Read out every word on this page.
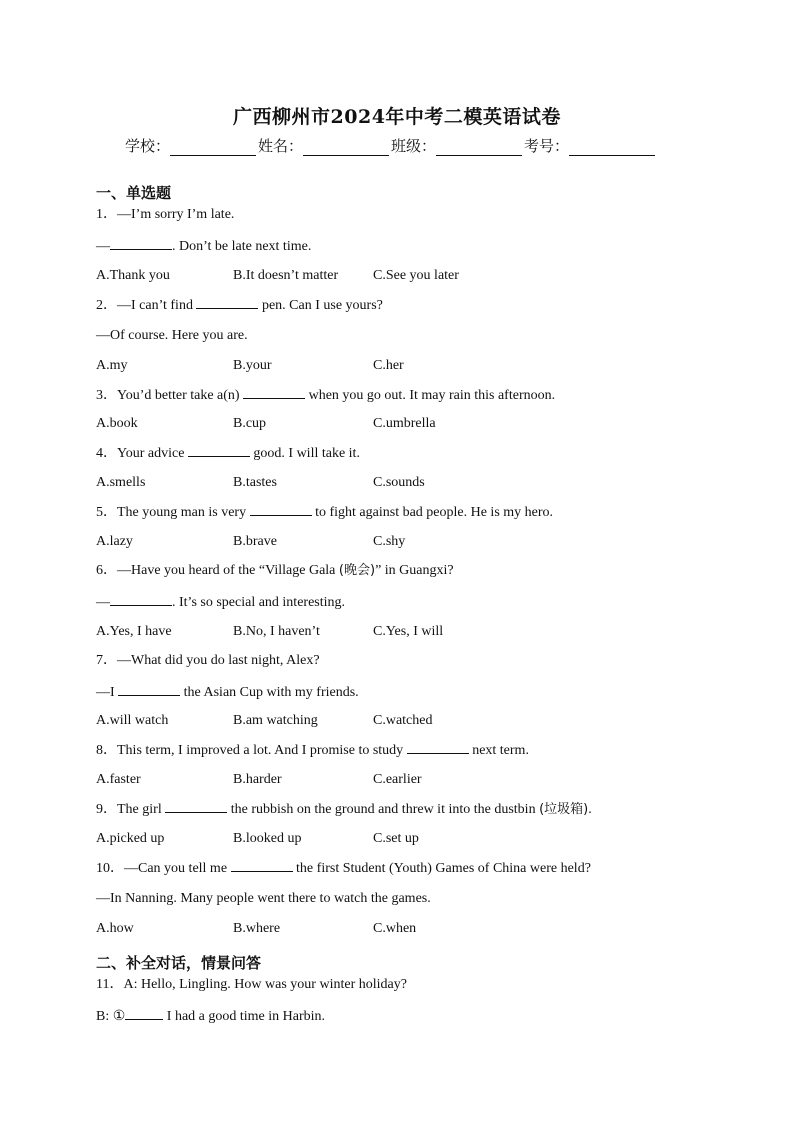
广西柳州市2024年中考二模英语试卷
学校：	姓名：	班级：	考号：
一、单选题
1．—I’m sorry I’m late.
—	. Don’t be late next time.
A.Thank you	B.It doesn’t matter C.See you later
2．—I can’t find	pen. Can I use yours?
—Of course. Here you are.
A.my	B.your	C.her
3．You’d better take a(n)	when you go out. It may rain this afternoon.
A.book	B.cup	C.umbrella
4．Your advice	good. I will take it.
A.smells	B.tastes	C.sounds
5．The young man is very	to fight against bad people. He is my hero.
A.lazy	B.brave	C.shy
6．—Have you heard of the “Village Gala (晚会)” in Guangxi?
—	. It’s so special and interesting.
A.Yes, I have	B.No, I haven’t	C.Yes, I will
7．—What did you do last night, Alex?
—I	the Asian Cup with my friends.
A.will watch	B.am watching	C.watched
8．This term, I improved a lot. And I promise to study	next term.
A.faster	B.harder	C.earlier
9．The girl	the rubbish on the ground and threw it into the dustbin (垃圾箱).
A.picked up	B.looked up	C.set up
10．—Can you tell me	the first Student (Youth) Games of China were held?
—In Nanning. Many people went there to watch the games.
A.how	B.where	C.when
二、补全对话，情景问答
11．A: Hello, Lingling. How was your winter holiday?
B: ①	I had a good time in Harbin.
